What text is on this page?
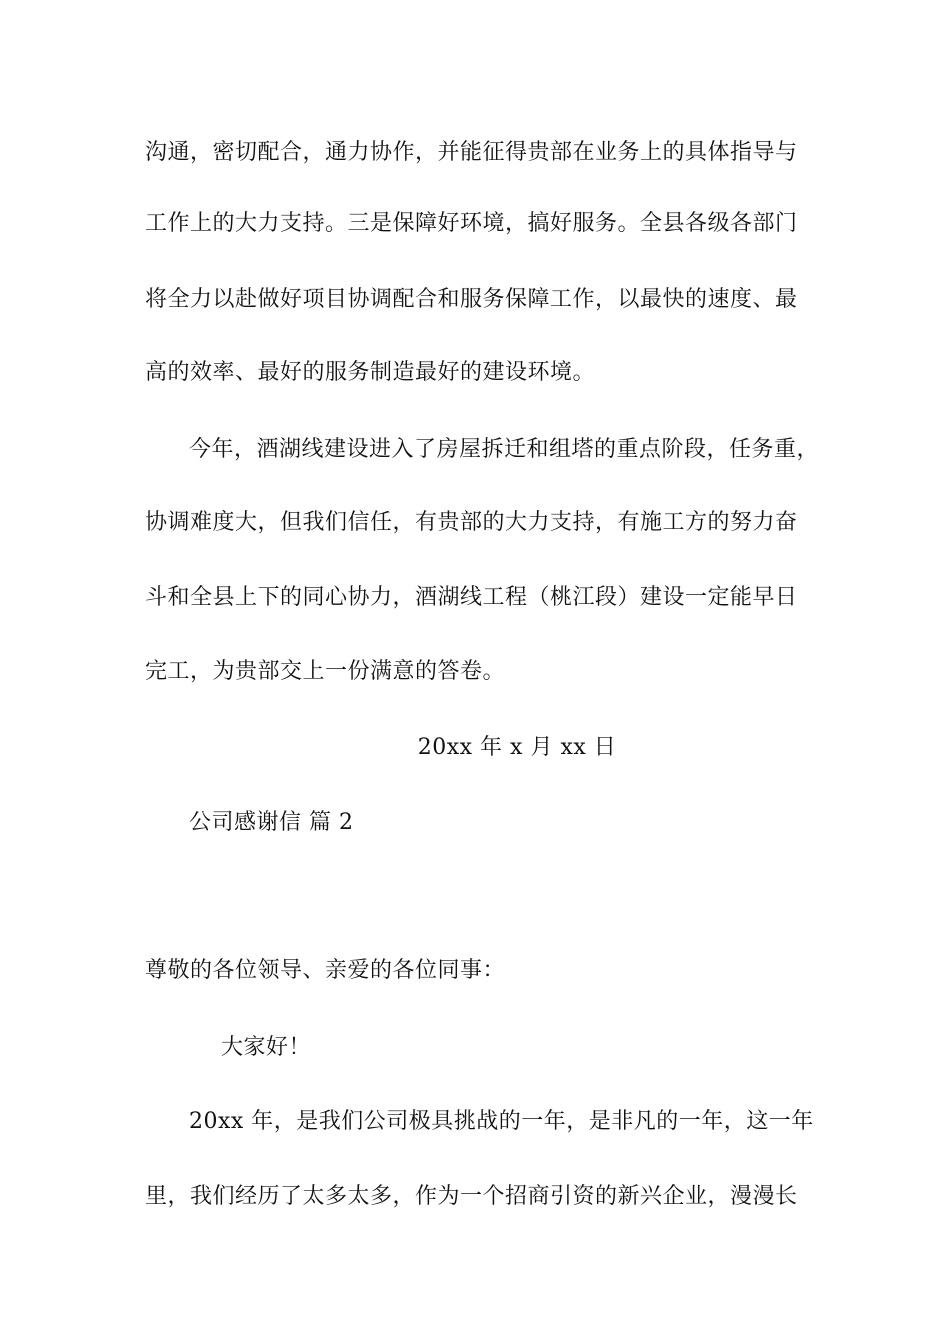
沟通，密切配合，通力协作，并能征得贵部在业务上的具体指导与
工作上的大力支持。三是保障好环境，搞好服务。全县各级各部门
将全力以赴做好项目协调配合和服务保障工作，以最快的速度、最
高的效率、最好的服务制造最好的建设环境。
今年，酒湖线建设进入了房屋拆迁和组塔的重点阶段，任务重，
协调难度大，但我们信任，有贵部的大力支持，有施工方的努力奋
斗和全县上下的同心协力，酒湖线工程（桃江段）建设一定能早日
完工，为贵部交上一份满意的答卷。
20xx 年 x 月 xx 日
公司感谢信 篇 2
尊敬的各位领导、亲爱的各位同事：
大家好！
20xx 年，是我们公司极具挑战的一年，是非凡的一年，这一年
里，我们经历了太多太多，作为一个招商引资的新兴企业，漫漫长
